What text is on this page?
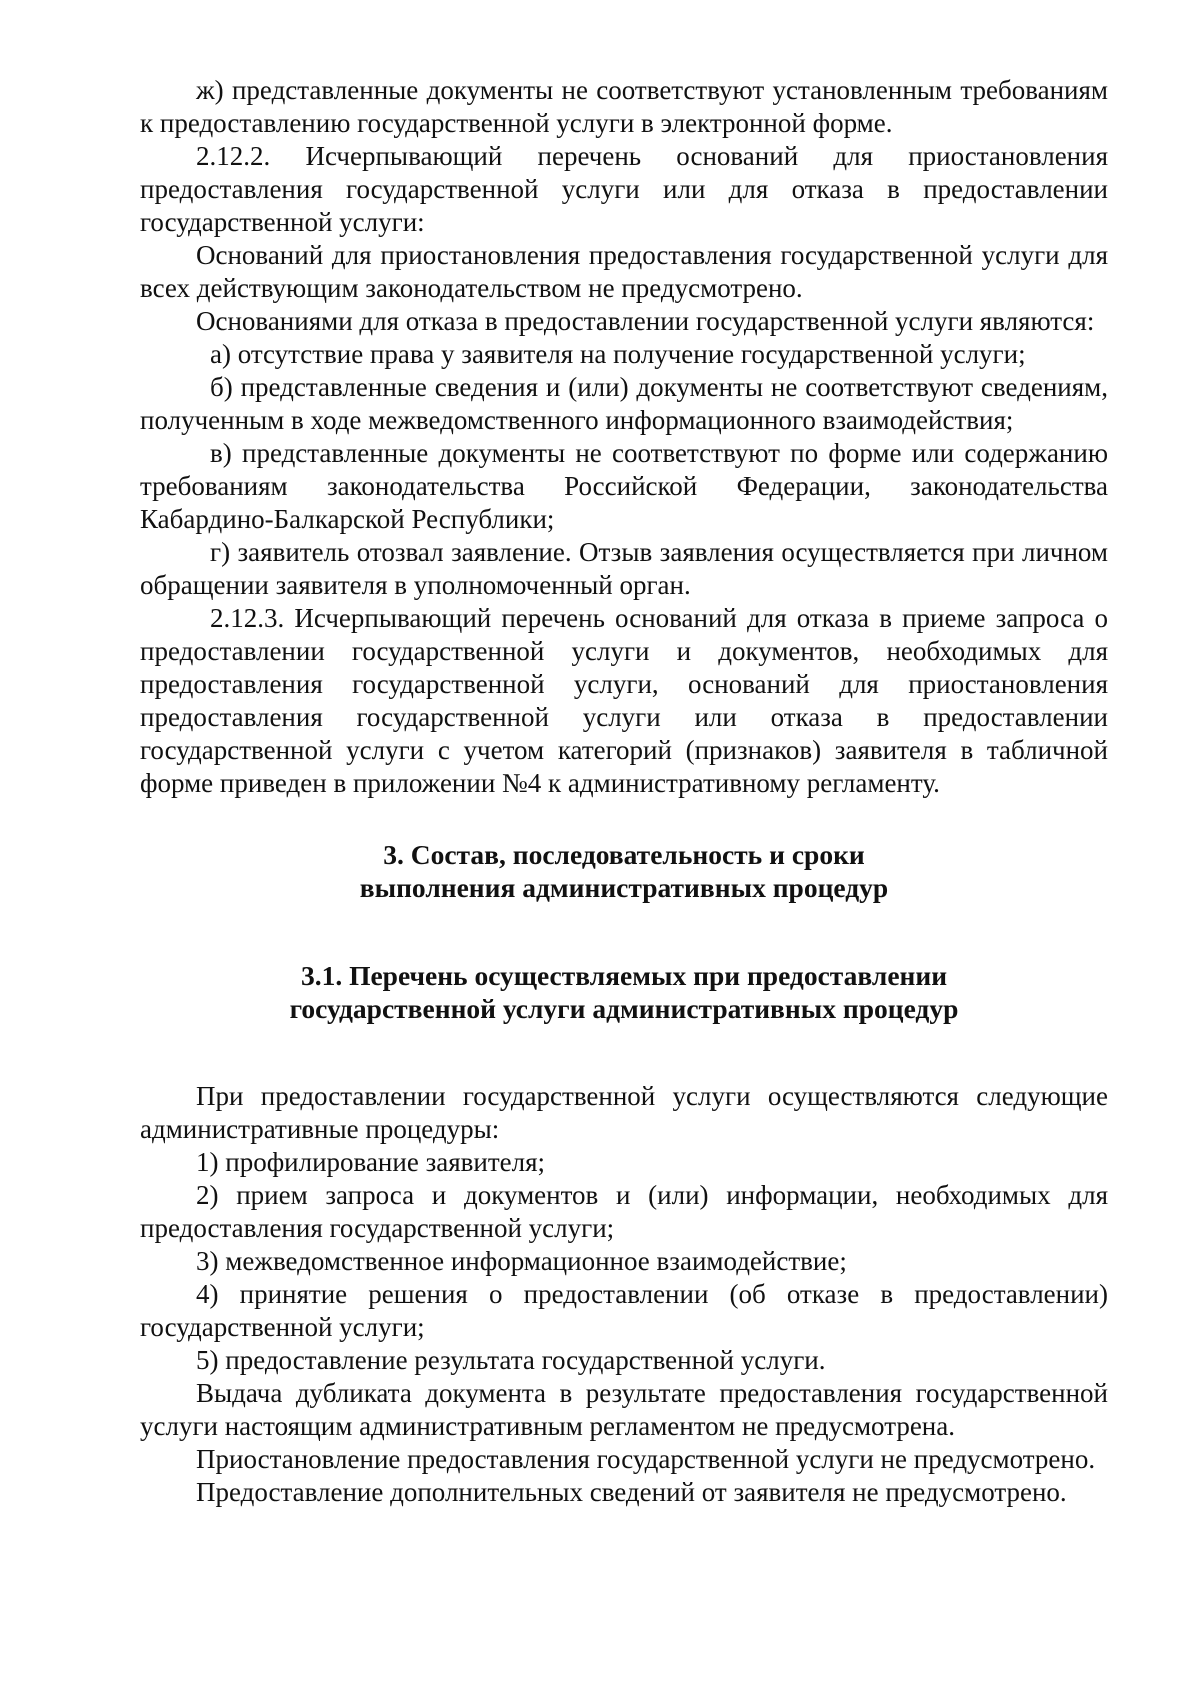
ж) представленные документы не соответствуют установленным требованиям к предоставлению государственной услуги в электронной форме.

2.12.2. Исчерпывающий перечень оснований для приостановления предоставления государственной услуги или для отказа в предоставлении государственной услуги:

Оснований для приостановления предоставления государственной услуги для всех действующим законодательством не предусмотрено.

Основаниями для отказа в предоставлении государственной услуги являются:

а) отсутствие права у заявителя на получение государственной услуги;

б) представленные сведения и (или) документы не соответствуют сведениям, полученным в ходе межведомственного информационного взаимодействия;

в) представленные документы не соответствуют по форме или содержанию требованиям законодательства Российской Федерации, законодательства Кабардино-Балкарской Республики;

г) заявитель отозвал заявление. Отзыв заявления осуществляется при личном обращении заявителя в уполномоченный орган.

2.12.3. Исчерпывающий перечень оснований для отказа в приеме запроса о предоставлении государственной услуги и документов, необходимых для предоставления государственной услуги, оснований для приостановления предоставления государственной услуги или отказа в предоставлении государственной услуги с учетом категорий (признаков) заявителя в табличной форме приведен в приложении №4 к административному регламенту.

3. Состав, последовательность и сроки
выполнения административных процедур
3.1. Перечень осуществляемых при предоставлении
государственной услуги административных процедур

При предоставлении государственной услуги осуществляются следующие административные процедуры:

1) профилирование заявителя;

2) прием запроса и документов и (или) информации, необходимых для предоставления государственной услуги;

3) межведомственное информационное взаимодействие;

4) принятие решения о предоставлении (об отказе в предоставлении) государственной услуги;

5) предоставление результата государственной услуги.

Выдача дубликата документа в результате предоставления государственной услуги настоящим административным регламентом не предусмотрена.

Приостановление предоставления государственной услуги не предусмотрено.

Предоставление дополнительных сведений от заявителя не предусмотрено.
